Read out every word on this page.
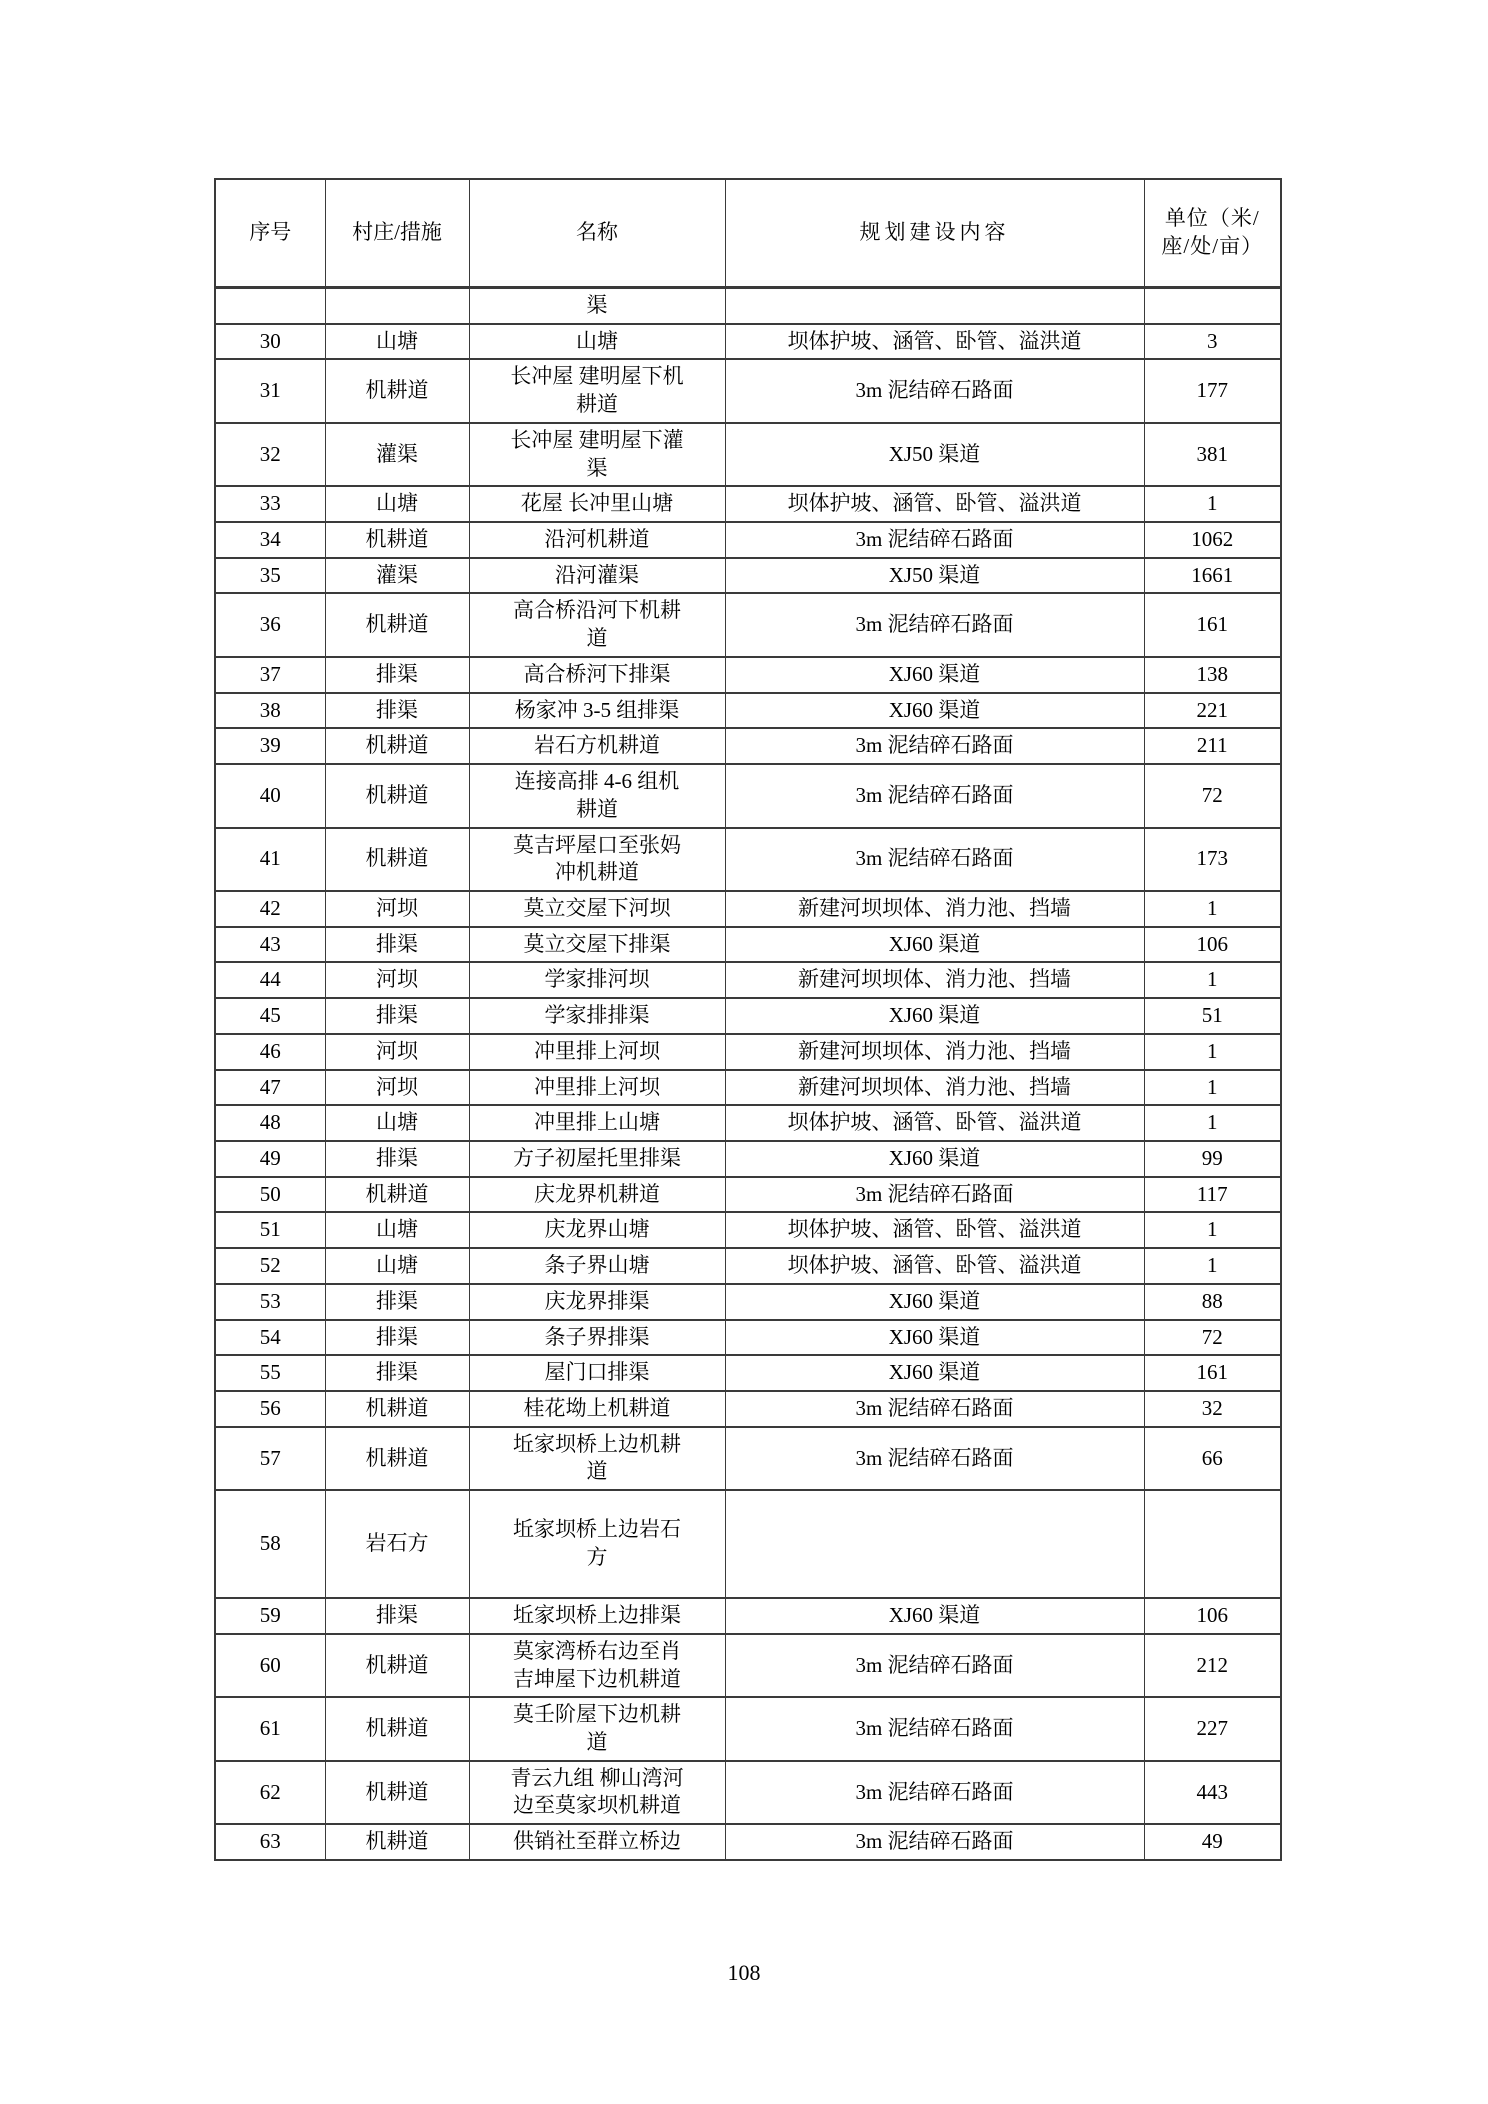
序号	村庄/措施	名称	规划建设内容	单位（米/座/处/亩）
		渠		
30	山塘	山塘	坝体护坡、涵管、卧管、溢洪道	3
31	机耕道	长冲屋 建明屋下机耕道	3m 泥结碎石路面	177
32	灌渠	长冲屋 建明屋下灌渠	XJ50 渠道	381
33	山塘	花屋 长冲里山塘	坝体护坡、涵管、卧管、溢洪道	1
34	机耕道	沿河机耕道	3m 泥结碎石路面	1062
35	灌渠	沿河灌渠	XJ50 渠道	1661
36	机耕道	高合桥沿河下机耕道	3m 泥结碎石路面	161
37	排渠	高合桥河下排渠	XJ60 渠道	138
38	排渠	杨家冲 3-5 组排渠	XJ60 渠道	221
39	机耕道	岩石方机耕道	3m 泥结碎石路面	211
40	机耕道	连接高排 4-6 组机耕道	3m 泥结碎石路面	72
41	机耕道	莫吉坪屋口至张妈冲机耕道	3m 泥结碎石路面	173
42	河坝	莫立交屋下河坝	新建河坝坝体、消力池、挡墙	1
43	排渠	莫立交屋下排渠	XJ60 渠道	106
44	河坝	学家排河坝	新建河坝坝体、消力池、挡墙	1
45	排渠	学家排排渠	XJ60 渠道	51
46	河坝	冲里排上河坝	新建河坝坝体、消力池、挡墙	1
47	河坝	冲里排上河坝	新建河坝坝体、消力池、挡墙	1
48	山塘	冲里排上山塘	坝体护坡、涵管、卧管、溢洪道	1
49	排渠	方子初屋托里排渠	XJ60 渠道	99
50	机耕道	庆龙界机耕道	3m 泥结碎石路面	117
51	山塘	庆龙界山塘	坝体护坡、涵管、卧管、溢洪道	1
52	山塘	条子界山塘	坝体护坡、涵管、卧管、溢洪道	1
53	排渠	庆龙界排渠	XJ60 渠道	88
54	排渠	条子界排渠	XJ60 渠道	72
55	排渠	屋门口排渠	XJ60 渠道	161
56	机耕道	桂花坳上机耕道	3m 泥结碎石路面	32
57	机耕道	坵家坝桥上边机耕道	3m 泥结碎石路面	66
58	岩石方	坵家坝桥上边岩石方		
59	排渠	坵家坝桥上边排渠	XJ60 渠道	106
60	机耕道	莫家湾桥右边至肖吉坤屋下边机耕道	3m 泥结碎石路面	212
61	机耕道	莫壬阶屋下边机耕道	3m 泥结碎石路面	227
62	机耕道	青云九组 柳山湾河边至莫家坝机耕道	3m 泥结碎石路面	443
63	机耕道	供销社至群立桥边	3m 泥结碎石路面	49
108
